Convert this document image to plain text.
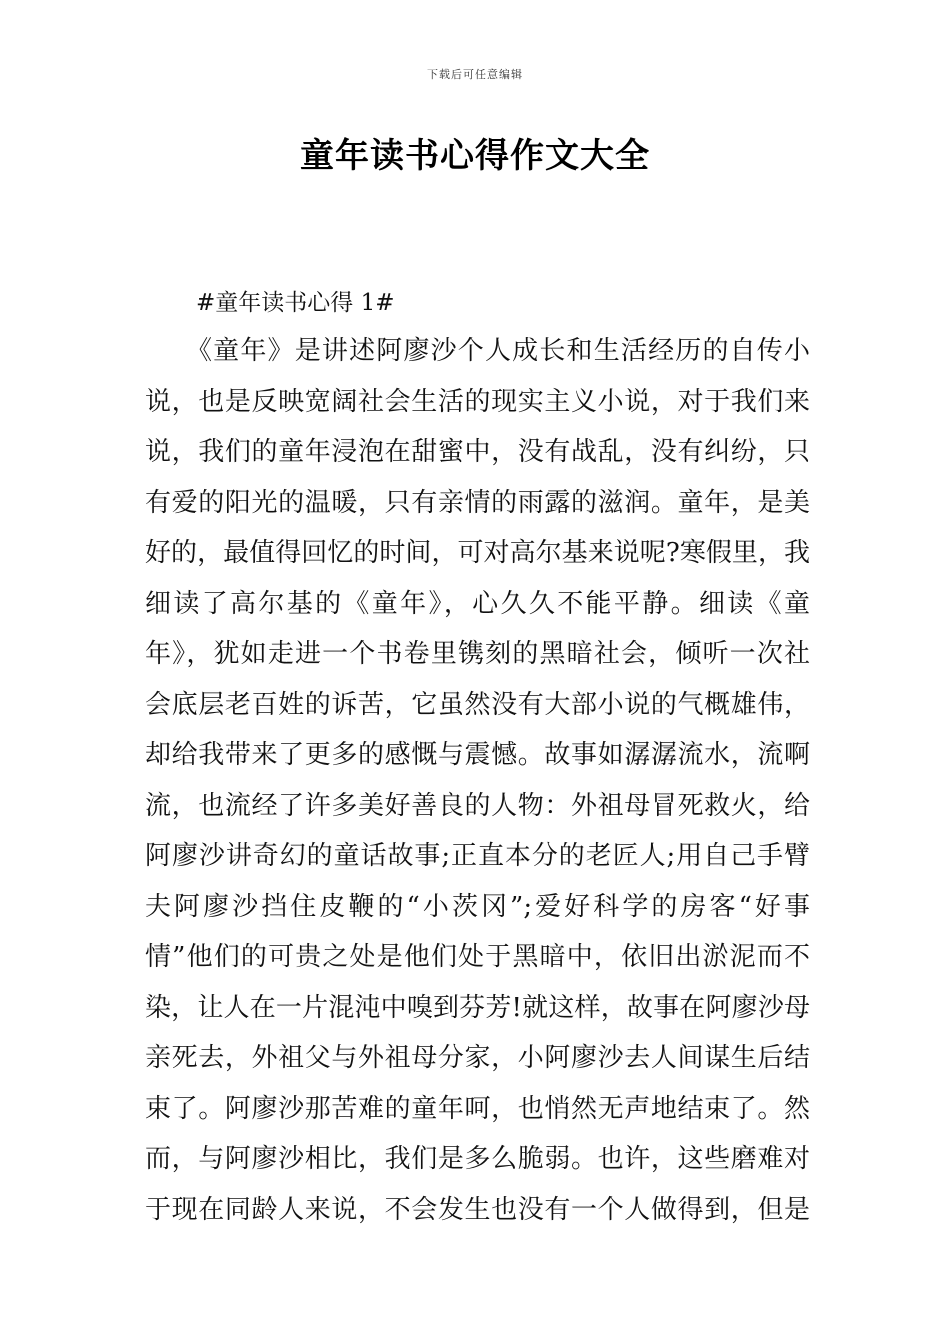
下载后可任意编辑
童年读书心得作文大全
#童年读书心得 1#
《童年》是讲述阿廖沙个人成长和生活经历的自传小
说，也是反映宽阔社会生活的现实主义小说，对于我们来
说，我们的童年浸泡在甜蜜中，没有战乱，没有纠纷，只
有爱的阳光的温暖，只有亲情的雨露的滋润。童年，是美
好的，最值得回忆的时间，可对高尔基来说呢?寒假里，我
细读了高尔基的《童年》，心久久不能平静。细读《童
年》，犹如走进一个书卷里镌刻的黑暗社会，倾听一次社
会底层老百姓的诉苦，它虽然没有大部小说的气概雄伟，
却给我带来了更多的感慨与震憾。故事如潺潺流水，流啊
流，也流经了许多美好善良的人物：外祖母冒死救火，给
阿廖沙讲奇幻的童话故事;正直本分的老匠人;用自己手臂
夫阿廖沙挡住皮鞭的“小茨冈”;爱好科学的房客“好事
情”他们的可贵之处是他们处于黑暗中，依旧出淤泥而不
染，让人在一片混沌中嗅到芬芳!就这样，故事在阿廖沙母
亲死去，外祖父与外祖母分家，小阿廖沙去人间谋生后结
束了。阿廖沙那苦难的童年呵，也悄然无声地结束了。然
而，与阿廖沙相比，我们是多么脆弱。也许，这些磨难对
于现在同龄人来说，不会发生也没有一个人做得到，但是
